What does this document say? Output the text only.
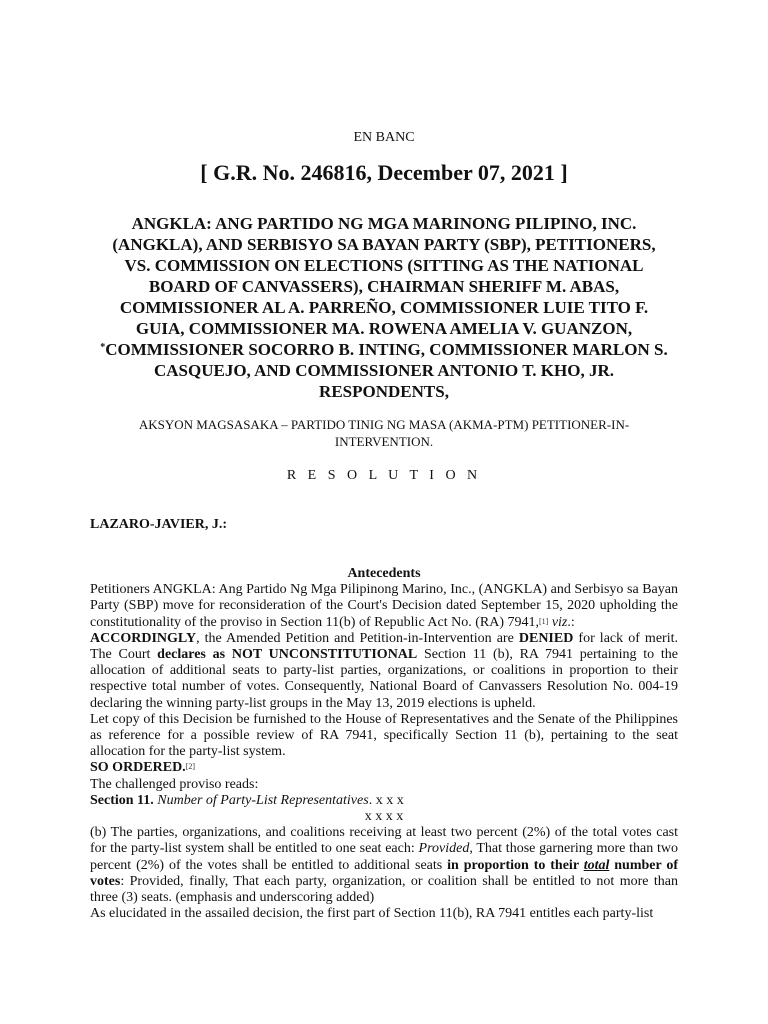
EN BANC
[ G.R. No. 246816, December 07, 2021 ]
ANGKLA: ANG PARTIDO NG MGA MARINONG PILIPINO, INC.
(ANGKLA), AND SERBISYO SA BAYAN PARTY (SBP), PETITIONERS,
VS. COMMISSION ON ELECTIONS (SITTING AS THE NATIONAL
BOARD OF CANVASSERS), CHAIRMAN SHERIFF M. ABAS,
COMMISSIONER AL A. PARREÑO, COMMISSIONER LUIE TITO F.
GUIA, COMMISSIONER MA. ROWENA AMELIA V. GUANZON,
*COMMISSIONER SOCORRO B. INTING, COMMISSIONER MARLON S.
CASQUEJO, AND COMMISSIONER ANTONIO T. KHO, JR.
RESPONDENTS,
AKSYON MAGSASAKA – PARTIDO TINIG NG MASA (AKMA-PTM) PETITIONER-IN-
INTERVENTION.
R E S O L U T I O N
LAZARO-JAVIER, J.:

Antecedents

Petitioners ANGKLA: Ang Partido Ng Mga Pilipinong Marino, Inc., (ANGKLA) and Serbisyo sa Bayan Party (SBP) move for reconsideration of the Court's Decision dated September 15, 2020 upholding the constitutionality of the proviso in Section 11(b) of Republic Act No. (RA) 7941,[1] viz.:

ACCORDINGLY, the Amended Petition and Petition-in-Intervention are DENIED for lack of merit. The Court declares as NOT UNCONSTITUTIONAL Section 11 (b), RA 7941 pertaining to the allocation of additional seats to party-list parties, organizations, or coalitions in proportion to their respective total number of votes. Consequently, National Board of Canvassers Resolution No. 004-19 declaring the winning party-list groups in the May 13, 2019 elections is upheld.

Let copy of this Decision be furnished to the House of Representatives and the Senate of the Philippines as reference for a possible review of RA 7941, specifically Section 11 (b), pertaining to the seat allocation for the party-list system.

SO ORDERED.[2]

The challenged proviso reads:

Section 11. Number of Party-List Representatives. x x x

x x x x

(b) The parties, organizations, and coalitions receiving at least two percent (2%) of the total votes cast for the party-list system shall be entitled to one seat each: Provided, That those garnering more than two percent (2%) of the votes shall be entitled to additional seats in proportion to their total number of votes: Provided, finally, That each party, organization, or coalition shall be entitled to not more than three (3) seats. (emphasis and underscoring added)

As elucidated in the assailed decision, the first part of Section 11(b), RA 7941 entitles each party-list
